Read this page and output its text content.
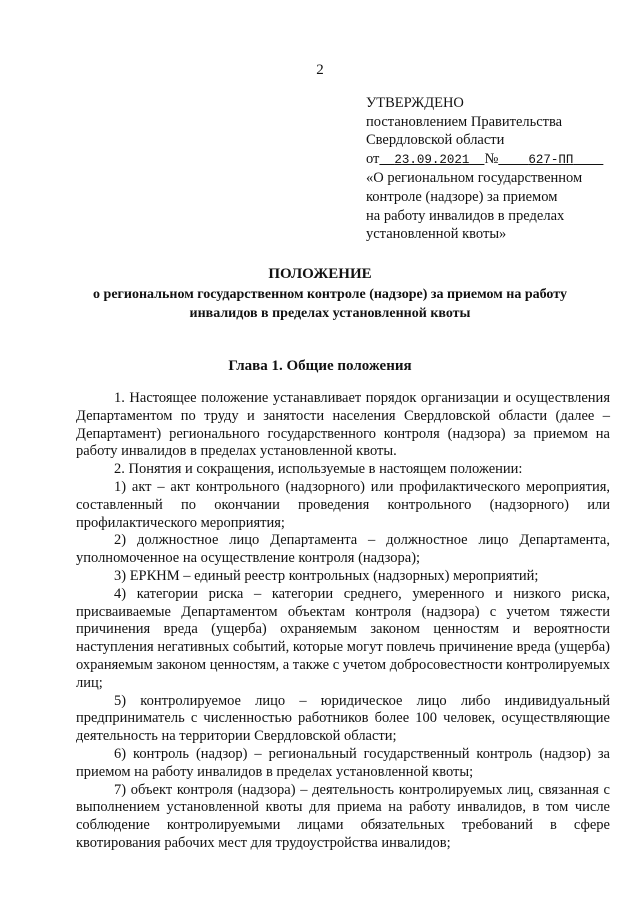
2
УТВЕРЖДЕНО
постановлением Правительства
Свердловской области
от 23.09.2021 № 627-ПП
«О региональном государственном
контроле (надзоре) за приемом
на работу инвалидов в пределах
установленной квоты»
ПОЛОЖЕНИЕ
о региональном государственном контроле (надзоре) за приемом на работу инвалидов в пределах установленной квоты
Глава 1. Общие положения

1. Настоящее положение устанавливает порядок организации и осуществления Департаментом по труду и занятости населения Свердловской области (далее – Департамент) регионального государственного контроля (надзора) за приемом на работу инвалидов в пределах установленной квоты.

2. Понятия и сокращения, используемые в настоящем положении:

1) акт – акт контрольного (надзорного) или профилактического мероприятия, составленный по окончании проведения контрольного (надзорного) или профилактического мероприятия;

2) должностное лицо Департамента – должностное лицо Департамента, уполномоченное на осуществление контроля (надзора);

3) ЕРКНМ – единый реестр контрольных (надзорных) мероприятий;

4) категории риска – категории среднего, умеренного и низкого риска, присваиваемые Департаментом объектам контроля (надзора) с учетом тяжести причинения вреда (ущерба) охраняемым законом ценностям и вероятности наступления негативных событий, которые могут повлечь причинение вреда (ущерба) охраняемым законом ценностям, а также с учетом добросовестности контролируемых лиц;

5) контролируемое лицо – юридическое лицо либо индивидуальный предприниматель с численностью работников более 100 человек, осуществляющие деятельность на территории Свердловской области;

6) контроль (надзор) – региональный государственный контроль (надзор) за приемом на работу инвалидов в пределах установленной квоты;

7) объект контроля (надзора) – деятельность контролируемых лиц, связанная с выполнением установленной квоты для приема на работу инвалидов, в том числе соблюдение контролируемыми лицами обязательных требований в сфере квотирования рабочих мест для трудоустройства инвалидов;
